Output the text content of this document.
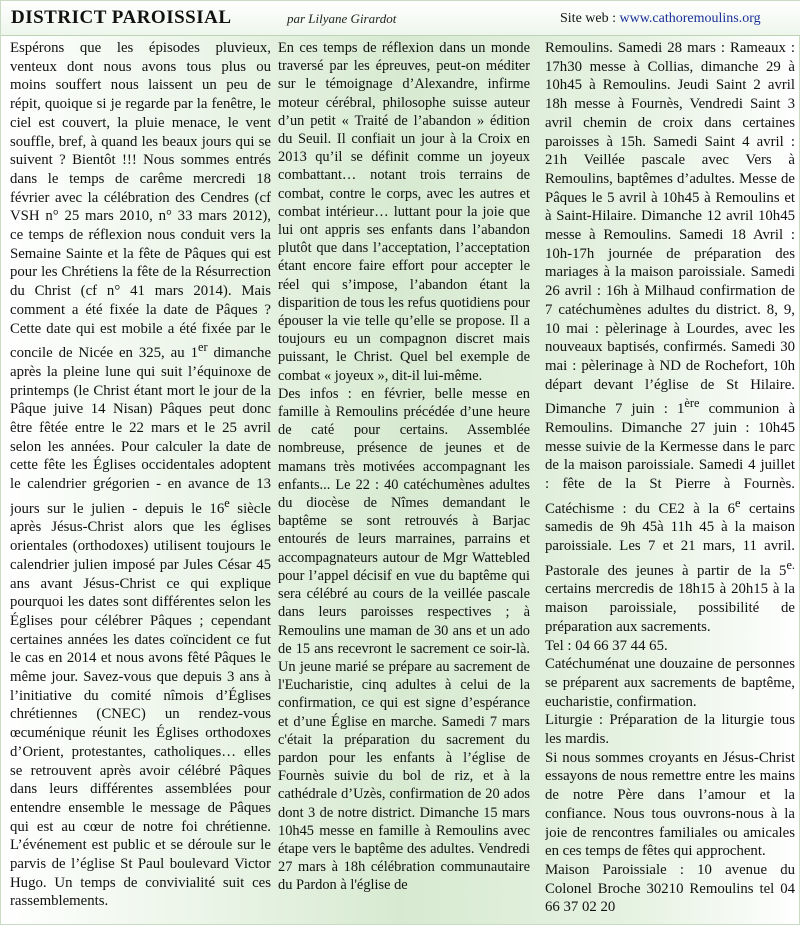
DISTRICT PAROISSIAL	par Lilyane Girardot	Site web : www.cathoremoulins.org

Espérons que les épisodes pluvieux, venteux dont nous avons tous plus ou moins souffert nous laissent un peu de répit, quoique si je regarde par la fenêtre, le ciel est couvert, la pluie menace, le vent souffle, bref, à quand les beaux jours qui se suivent ? Bientôt !!! Nous sommes entrés dans le temps de carême mercredi 18 février avec la célébration des Cendres (cf VSH n° 25 mars 2010, n° 33 mars 2012), ce temps de réflexion nous conduit vers la Semaine Sainte et la fête de Pâques qui est pour les Chrétiens la fête de la Résurrection du Christ (cf n° 41 mars 2014). Mais comment a été fixée la date de Pâques ? Cette date qui est mobile a été fixée par le concile de Nicée en 325, au 1er dimanche après la pleine lune qui suit l’équinoxe de printemps (le Christ étant mort le jour de la Pâque juive 14 Nisan) Pâques peut donc être fêtée entre le 22 mars et le 25 avril selon les années. Pour calculer la date de cette fête les Églises occidentales adoptent le calendrier grégorien - en avance de 13 jours sur le julien - depuis le 16e siècle après Jésus-Christ alors que les églises orientales (orthodoxes) utilisent toujours le calendrier julien imposé par Jules César 45 ans avant Jésus-Christ ce qui explique pourquoi les dates sont différentes selon les Églises pour célébrer Pâques ; cependant certaines années les dates coïncident ce fut le cas en 2014 et nous avons fêté Pâques le même jour. Savez-vous que depuis 3 ans à l’initiative du comité nîmois d’Églises chrétiennes (CNEC) un rendez-vous œcuménique réunit les Églises orthodoxes d’Orient, protestantes, catholiques… elles se retrouvent après avoir célébré Pâques dans leurs différentes assemblées pour entendre ensemble le message de Pâques qui est au cœur de notre foi chrétienne. L’événement est public et se déroule sur le parvis de l’église St Paul boulevard Victor Hugo. Un temps de convivialité suit ces rassemblements.

En ces temps de réflexion dans un monde traversé par les épreuves, peut-on méditer sur le témoignage d’Alexandre, infirme moteur cérébral, philosophe suisse auteur d’un petit « Traité de l’abandon » édition du Seuil. Il confiait un jour à la Croix en 2013 qu’il se définit comme un joyeux combattant… notant trois terrains de combat, contre le corps, avec les autres et combat intérieur… luttant pour la joie que lui ont appris ses enfants dans l’abandon plutôt que dans l’acceptation, l’acceptation étant encore faire effort pour accepter le réel qui s’impose, l’abandon étant la disparition de tous les refus quotidiens pour épouser la vie telle qu’elle se propose. Il a toujours eu un compagnon discret mais puissant, le Christ. Quel bel exemple de combat « joyeux », dit-il lui-même.

Des infos : en février, belle messe en famille à Remoulins précédée d’une heure de caté pour certains. Assemblée nombreuse, présence de jeunes et de mamans très motivées accompagnant les enfants... Le 22 : 40 catéchumènes adultes du diocèse de Nîmes demandant le baptême se sont retrouvés à Barjac entourés de leurs marraines, parrains et accompagnateurs autour de Mgr Wattebled pour l’appel décisif en vue du baptême qui sera célébré au cours de la veillée pascale dans leurs paroisses respectives ; à Remoulins une maman de 30 ans et un ado de 15 ans recevront le sacrement ce soir-là. Un jeune marié se prépare au sacrement de l'Eucharistie, cinq adultes à celui de la confirmation, ce qui est signe d’espérance et d’une Église en marche. Samedi 7 mars c'était la préparation du sacrement du pardon pour les enfants à l’église de Fournès suivie du bol de riz, et à la cathédrale d’Uzès, confirmation de 20 ados dont 3 de notre district. Dimanche 15 mars 10h45 messe en famille à Remoulins avec étape vers le baptême des adultes. Vendredi 27 mars à 18h célébration communautaire du Pardon à l'église de

Remoulins. Samedi 28 mars : Rameaux : 17h30 messe à Collias, dimanche 29 à 10h45 à Remoulins. Jeudi Saint 2 avril 18h messe à Fournès, Vendredi Saint 3 avril chemin de croix dans certaines paroisses à 15h. Samedi Saint 4 avril : 21h Veillée pascale avec Vers à Remoulins, baptêmes d’adultes. Messe de Pâques le 5 avril à 10h45 à Remoulins et à Saint-Hilaire. Dimanche 12 avril 10h45 messe à Remoulins. Samedi 18 Avril : 10h-17h journée de préparation des mariages à la maison paroissiale. Samedi 26 avril : 16h à Milhaud confirmation de 7 catéchumènes adultes du district. 8, 9, 10 mai : pèlerinage à Lourdes, avec les nouveaux baptisés, confirmés. Samedi 30 mai : pèlerinage à ND de Rochefort, 10h départ devant l’église de St Hilaire. Dimanche 7 juin : 1ère communion à Remoulins. Dimanche 27 juin : 10h45 messe suivie de la Kermesse dans le parc de la maison paroissiale. Samedi 4 juillet : fête de la St Pierre à Fournès. Catéchisme : du CE2 à la 6e certains samedis de 9h 45à 11h 45 à la maison paroissiale. Les 7 et 21 mars, 11 avril. Pastorale des jeunes à partir de la $5^{e.}$ certains mercredis de 18h15 à 20h15 à la maison paroissiale, possibilité de préparation aux sacrements.

Tel : 04 66 37 44 65.

Catéchuménat une douzaine de personnes se préparent aux sacrements de baptême, eucharistie, confirmation.

Liturgie : Préparation de la liturgie tous les mardis.

Si nous sommes croyants en Jésus-Christ essayons de nous remettre entre les mains de notre Père dans l’amour et la confiance. Nous tous ouvrons-nous à la joie de rencontres familiales ou amicales en ces temps de fêtes qui approchent.

Maison Paroissiale : 10 avenue du Colonel Broche 30210 Remoulins tel 04 66 37 02 20
